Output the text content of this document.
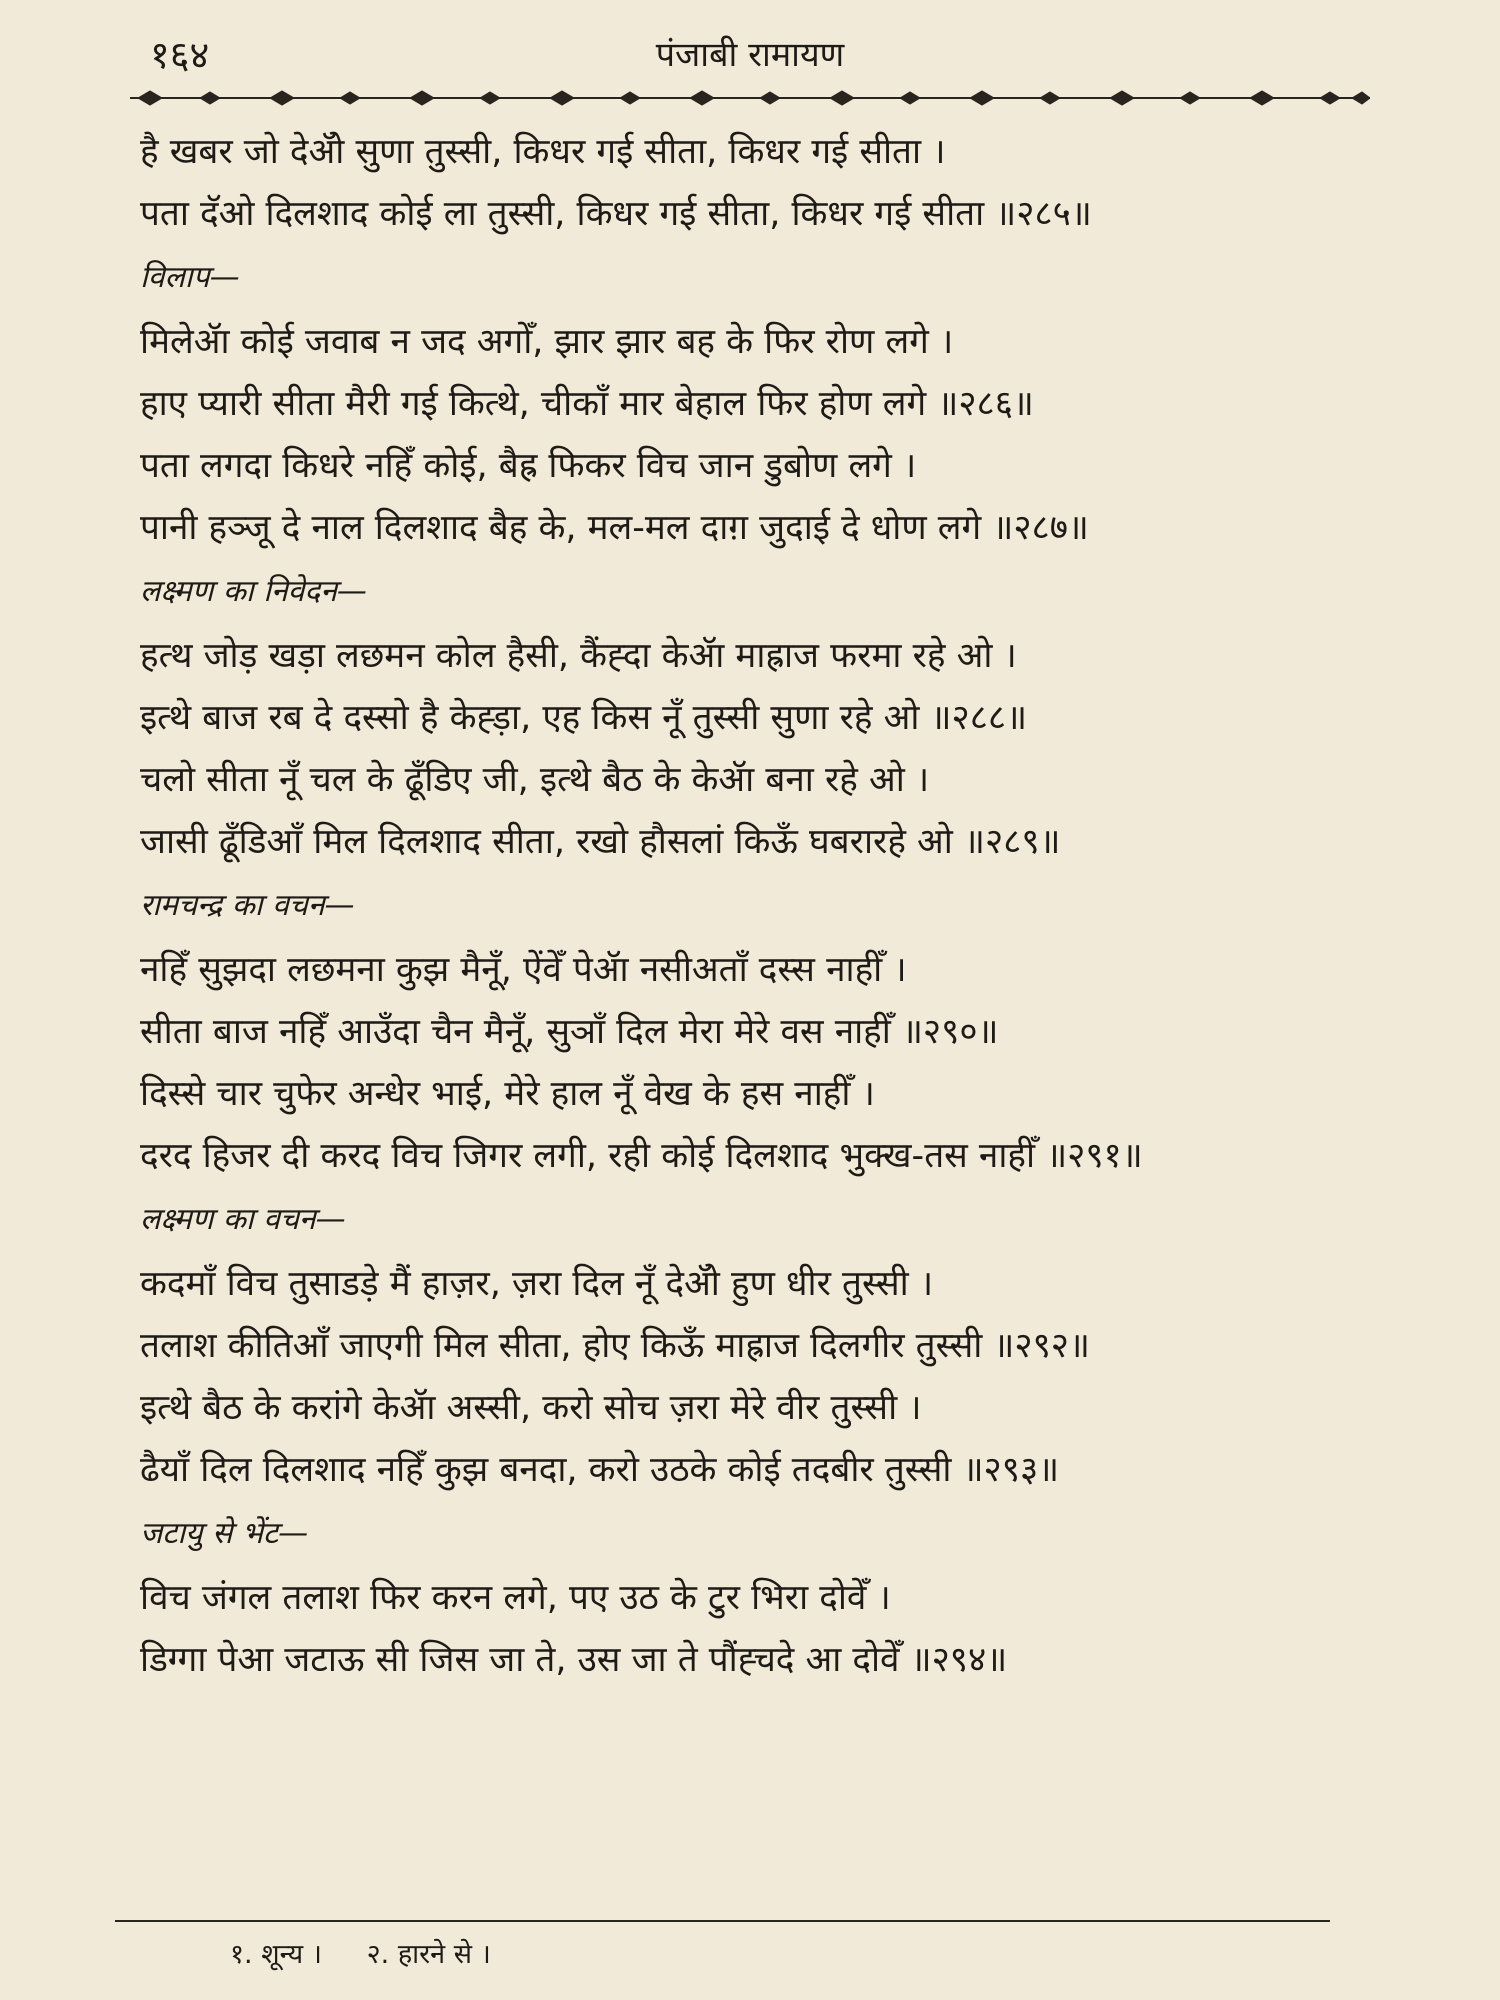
१६४	पंजाबी रामायण
है खबर जो देॲो सुणा तुस्सी, किधर गई सीता, किधर गई सीता ।
पता दॅओ दिलशाद कोई ला तुस्सी, किधर गई सीता, किधर गई सीता ॥२८५॥
विलाप—
मिलेॲा कोई जवाब न जद अगोँ, झार झार बह के फिर रोण लगे ।
हाए प्यारी सीता मैरी गई कित्थे, चीकाँ मार बेहाल फिर होण लगे ॥२८६॥
पता लगदा किधरे नहिँ कोई, बैह्र फिकर विच जान डुबोण लगे ।
पानी हञ्जू दे नाल दिलशाद बैह के, मल-मल दाग़ जुदाई दे धोण लगे ॥२८७॥
लक्ष्मण का निवेदन—
हत्थ जोड़ खड़ा लछमन कोल हैसी, कैंह्दा केॲा माह्राज फरमा रहे ओ ।
इत्थे बाज रब दे दस्सो है केह्ड़ा, एह किस नूँ तुस्सी सुणा रहे ओ ॥२८८॥
चलो सीता नूँ चल के ढूँडिए जी, इत्थे बैठ के केॲा बना रहे ओ ।
जासी ढूँडिआँ मिल दिलशाद सीता, रखो हौसलां किऊँ घबरारहे ओ ॥२८९॥
रामचन्द्र का वचन—
नहिँ सुझदा लछमना कुझ मैनूँ, ऐंवेँ पेॲा नसीअताँ दस्स नाहीँ ।
सीता बाज नहिँ आउँदा चैन मैनूँ, सुञाँ दिल मेरा मेरे वस नाहीँ ॥२९०॥
दिस्से चार चुफेर अन्धेर भाई, मेरे हाल नूँ वेख के हस नाहीँ ।
दरद हिजर दी करद विच जिगर लगी, रही कोई दिलशाद भुक्ख-तस नाहीँ ॥२९१॥
लक्ष्मण का वचन—
कदमाँ विच तुसाडड़े मैं हाज़र, ज़रा दिल नूँ देॲो हुण धीर तुस्सी ।
तलाश कीतिआँ जाएगी मिल सीता, होए किऊँ माह्राज दिलगीर तुस्सी ॥२९२॥
इत्थे बैठ के करांगे केॲा अस्सी, करो सोच ज़रा मेरे वीर तुस्सी ।
ढैयाँ दिल दिलशाद नहिँ कुझ बनदा, करो उठके कोई तदबीर तुस्सी ॥२९३॥
जटायु से भेंट—
विच जंगल तलाश फिर करन लगे, पए उठ के टुर भिरा दोवेँ ।
डिग्गा पेआ जटाऊ सी जिस जा ते, उस जा ते पौंह्चदे आ दोवेँ ॥२९४॥
१. शून्य । २. हारने से ।
